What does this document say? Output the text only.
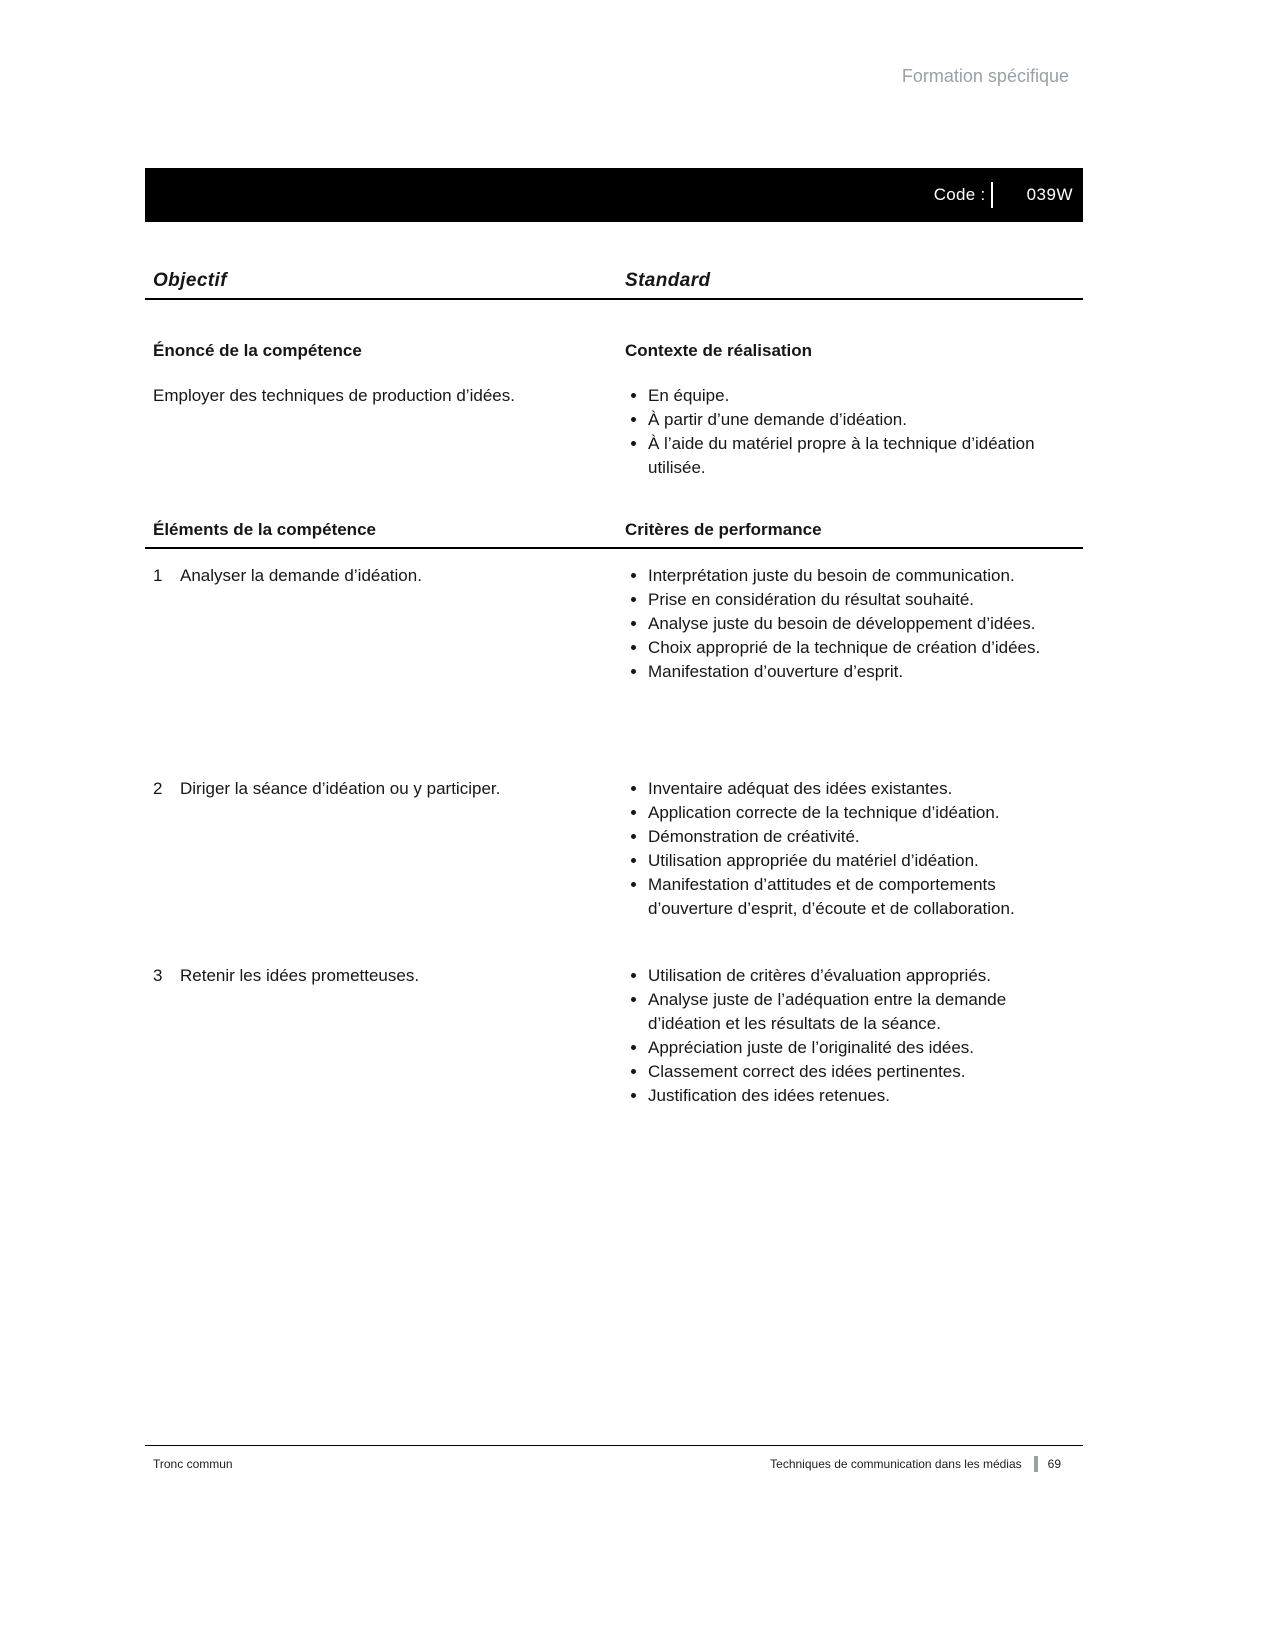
Formation spécifique
Code : 039W
Objectif	Standard
Énoncé de la compétence	Contexte de réalisation
Employer des techniques de production d’idées.	• En équipe.
• À partir d’une demande d’idéation.
• À l’aide du matériel propre à la technique d’idéation utilisée.
Éléments de la compétence	Critères de performance
1	Analyser la demande d’idéation.	• Interprétation juste du besoin de communication.
• Prise en considération du résultat souhaité.
• Analyse juste du besoin de développement d’idées.
• Choix approprié de la technique de création d’idées.
• Manifestation d’ouverture d’esprit.
2	Diriger la séance d’idéation ou y participer.	• Inventaire adéquat des idées existantes.
• Application correcte de la technique d’idéation.
• Démonstration de créativité.
• Utilisation appropriée du matériel d’idéation.
• Manifestation d’attitudes et de comportements d’ouverture d’esprit, d’écoute et de collaboration.
3	Retenir les idées prometteuses.	• Utilisation de critères d’évaluation appropriés.
• Analyse juste de l’adéquation entre la demande d’idéation et les résultats de la séance.
• Appréciation juste de l’originalité des idées.
• Classement correct des idées pertinentes.
• Justification des idées retenues.
Tronc commun	Techniques de communication dans les médias 69
